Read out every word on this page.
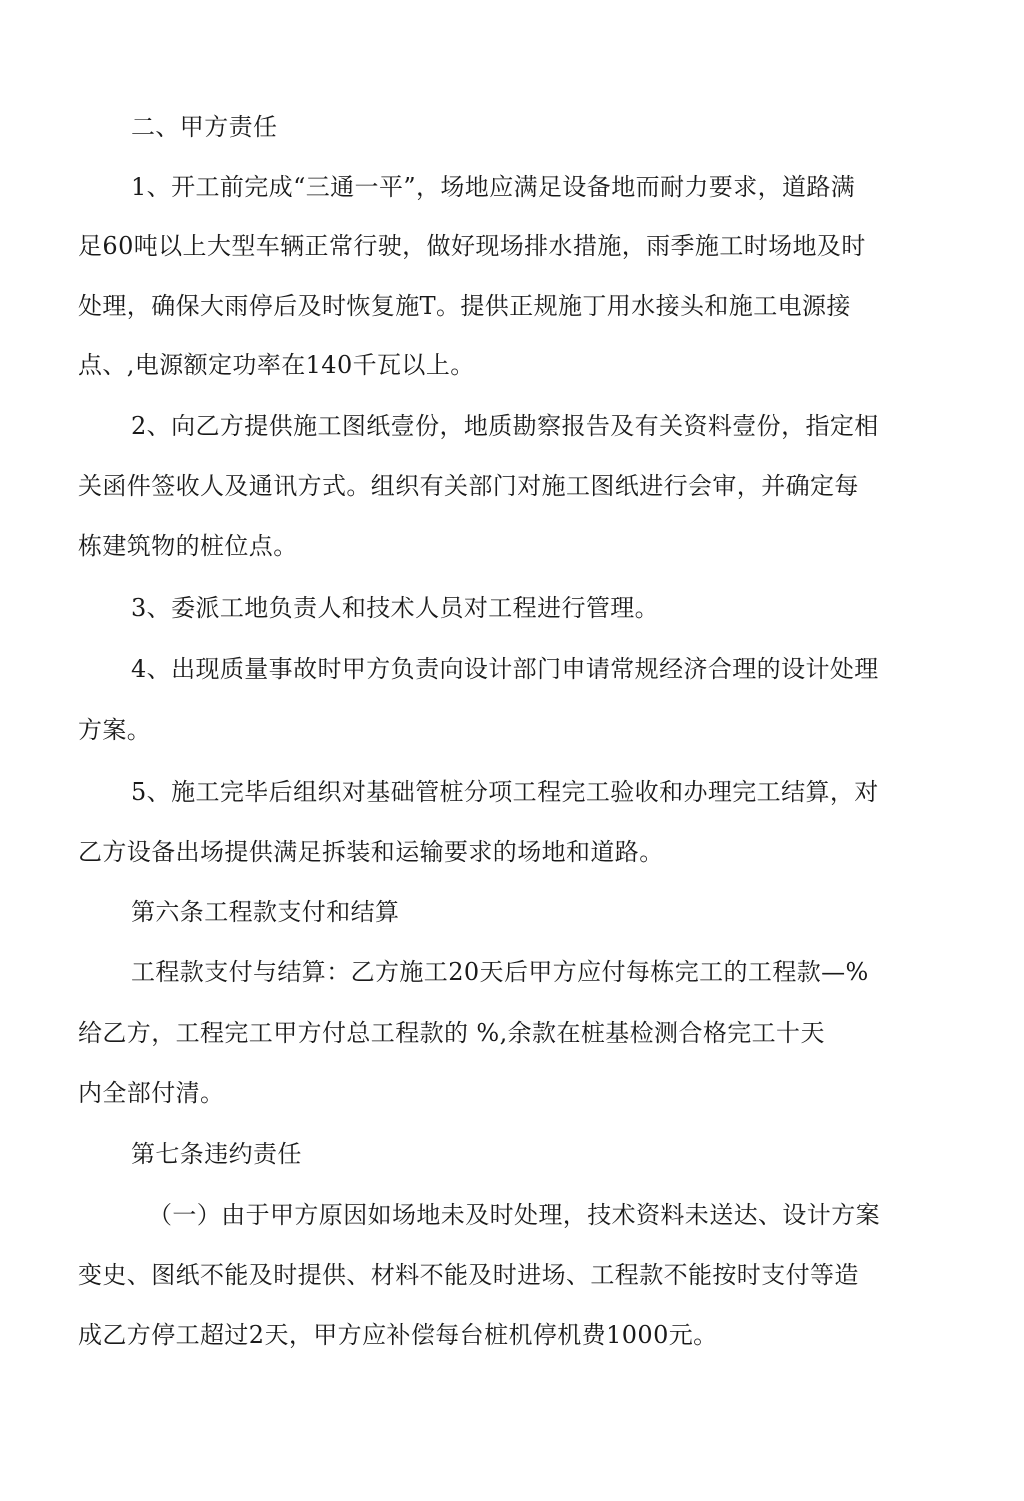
二、甲方责任
1、开工前完成“三通一平”，场地应满足设备地而耐力要求，道路满
足60吨以上大型车辆正常行驶，做好现场排水措施，雨季施工时场地及时
处理，确保大雨停后及时恢复施T。提供正规施丁用水接头和施工电源接
点、,电源额定功率在140千瓦以上。
2、向乙方提供施工图纸壹份，地质勘察报告及有关资料壹份，指定相
关函件签收人及通讯方式。组织有关部门对施工图纸进行会审，并确定每
栋建筑物的桩位点。
3、委派工地负责人和技术人员对工程进行管理。
4、出现质量事故时甲方负责向设计部门申请常规经济合理的设计处理
方案。
5、施工完毕后组织对基础管桩分项工程完工验收和办理完工结算，对
乙方设备出场提供满足拆装和运输要求的场地和道路。
第六条工程款支付和结算
工程款支付与结算：乙方施工20天后甲方应付每栋完工的工程款—%
给乙方，工程完工甲方付总工程款的 %,余款在桩基检测合格完工十天
内全部付清。
第七条违约责任
（一）由于甲方原因如场地未及时处理，技术资料未送达、设计方案
变史、图纸不能及时提供、材料不能及时进场、工程款不能按时支付等造
成乙方停工超过2天，甲方应补偿每台桩机停机费1000元。
